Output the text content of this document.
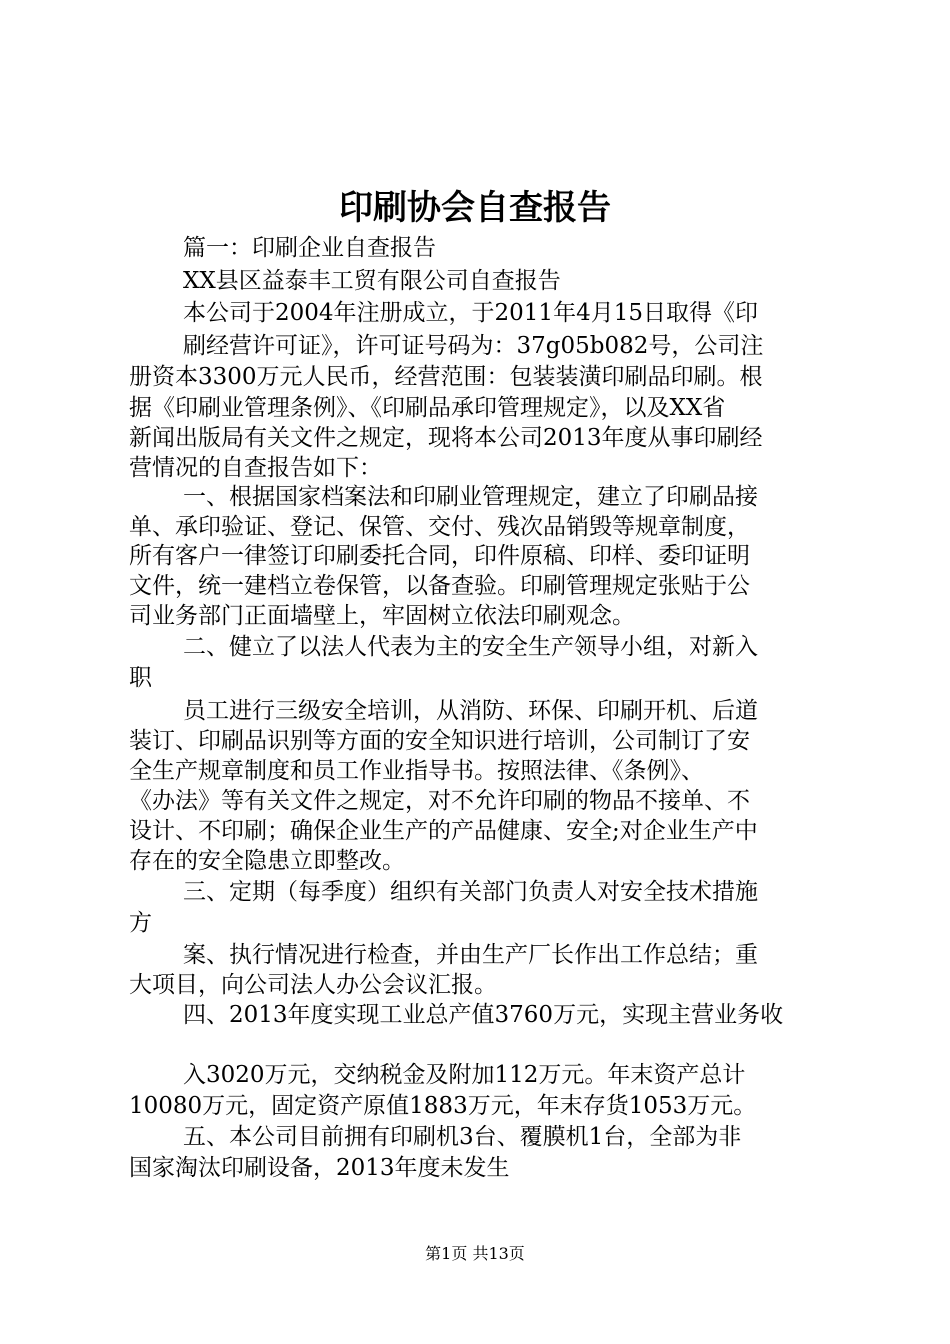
印刷协会自查报告
篇一：印刷企业自查报告
XX县区益泰丰工贸有限公司自查报告
本公司于2004年注册成立，于2011年4月15日取得《印
刷经营许可证》，许可证号码为：37g05b082号，公司注
册资本3300万元人民币，经营范围：包装装潢印刷品印刷。根
据《印刷业管理条例》、《印刷品承印管理规定》，以及XX省
新闻出版局有关文件之规定，现将本公司2013年度从事印刷经
营情况的自查报告如下：
一、根据国家档案法和印刷业管理规定，建立了印刷品接
单、承印验证、登记、保管、交付、残次品销毁等规章制度，
所有客户一律签订印刷委托合同，印件原稿、印样、委印证明
文件，统一建档立卷保管，以备查验。印刷管理规定张贴于公
司业务部门正面墙壁上，牢固树立依法印刷观念。
二、健立了以法人代表为主的安全生产领导小组，对新入
职
员工进行三级安全培训，从消防、环保、印刷开机、后道
装订、印刷品识别等方面的安全知识进行培训，公司制订了安
全生产规章制度和员工作业指导书。按照法律、《条例》、
《办法》等有关文件之规定，对不允许印刷的物品不接单、不
设计、不印刷；确保企业生产的产品健康、安全;对企业生产中
存在的安全隐患立即整改。
三、定期（每季度）组织有关部门负责人对安全技术措施
方
案、执行情况进行检查，并由生产厂长作出工作总结；重
大项目，向公司法人办公会议汇报。
四、2013年度实现工业总产值3760万元，实现主营业务收
入3020万元，交纳税金及附加112万元。年末资产总计
10080万元，固定资产原值1883万元，年末存货1053万元。
五、本公司目前拥有印刷机3台、覆膜机1台，全部为非
国家淘汰印刷设备，2013年度未发生
第1页 共13页
